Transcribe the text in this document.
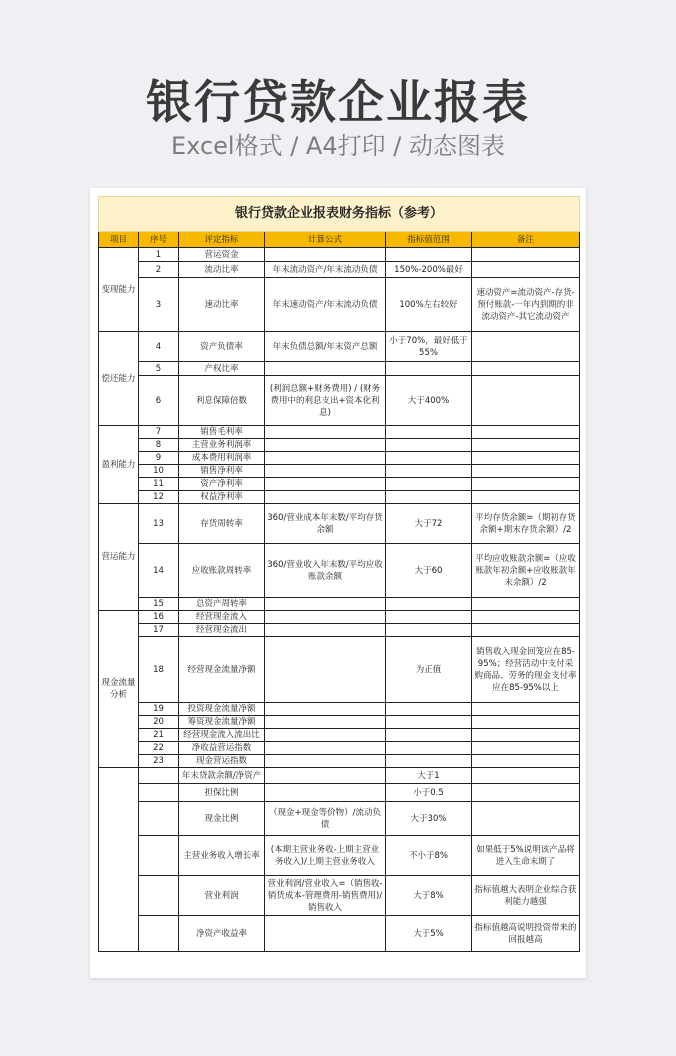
银行贷款企业报表
Excel格式 / A4打印 / 动态图表
银行贷款企业报表财务指标（参考）					
项目	序号	评定指标	计算公式	指标值范围	备注
变现能力	1	营运资金			
	2	流动比率	年末流动资产/年末流动负债	150%-200%最好	
	3	速动比率	年末速动资产/年末流动负债	100%左右较好	速动资产=流动资产-存货-预付账款-一年内到期的非流动资产-其它流动资产
偿还能力	4	资产负债率	年末负债总额/年末资产总额	小于70%，最好低于55%	
	5	产权比率			
	6	利息保障倍数	(利润总额+财务费用) / (财务费用中的利息支出+资本化利息)	大于400%	
盈利能力	7	销售毛利率			
	8	主营业务利润率			
	9	成本费用利润率			
	10	销售净利率			
	11	资产净利率			
	12	权益净利率			
营运能力	13	存货周转率	360/营业成本年末数/平均存货余额	大于72	平均存货余额=（期初存货余额+期末存货余额）/2
	14	应收账款周转率	360/营业收入年末数/平均应收账款余额	大于60	平均应收账款余额=（应收账款年初余额+应收账款年末余额）/2
	15	总资产周转率			
现金流量分析	16	经营现金流入			
	17	经营现金流出			
	18	经营现金流量净额		为正值	销售收入现金回笼应在85-95%；经营活动中支付采购商品、劳务的现金支付率应在85-95%以上
	19	投资现金流量净额			
	20	筹资现金流量净额			
	21	经营现金流入流出比			
	22	净收益营运指数			
	23	现金营运指数			
		年末贷款余额/净资产		大于1	
		担保比例		小于0.5	
		现金比例	（现金+现金等价物）/流动负债	大于30%	
		主营业务收入增长率	(本期主营业务收-上期主营业务收入)/上期主营业务收入	不小于8%	如果低于5%说明该产品将进入生命末期了
		营业利润	营业利润/营业收入=（销售收-销货成本-管理费用-销售费用)/销售收入	大于8%	指标值越大表明企业综合获利能力越强
		净资产收益率		大于5%	指标值越高说明投资带来的回报越高
